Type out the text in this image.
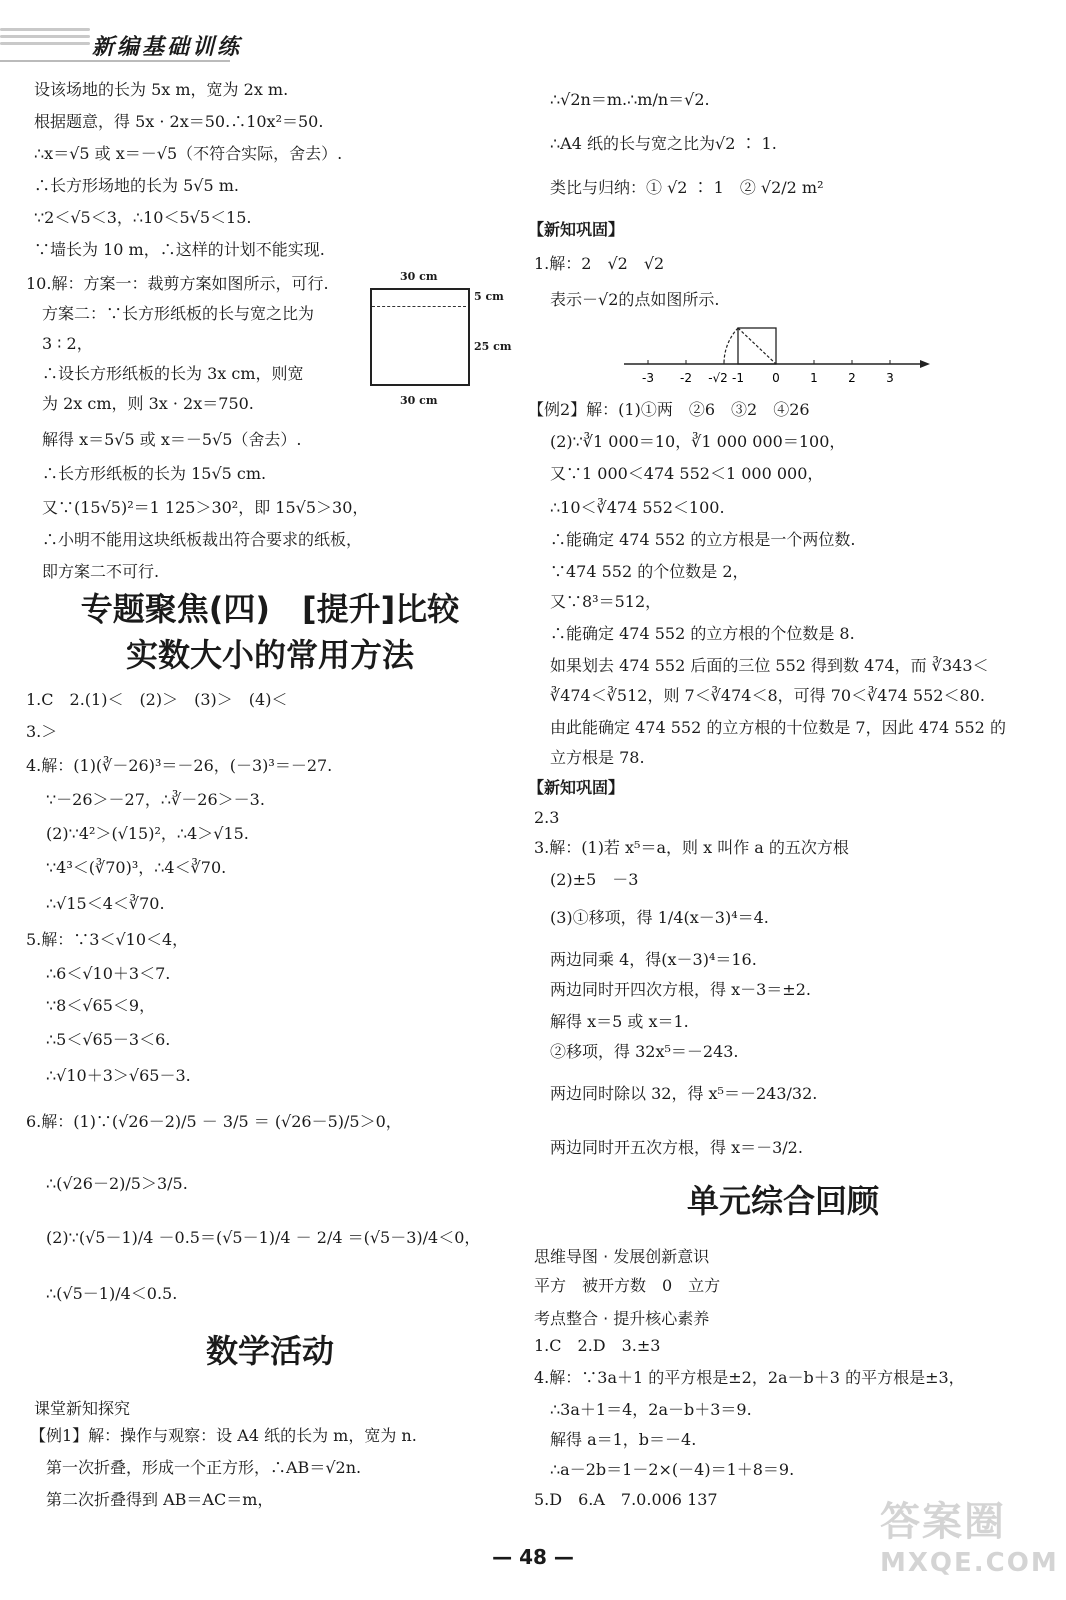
新编基础训练
设该场地的长为 5x m，宽为 2x m.
根据题意，得 5x · 2x＝50.∴10x²＝50.
∴x＝√5 或 x＝－√5（不符合实际，舍去）.
∴长方形场地的长为 5√5 m.
∵2＜√5＜3，∴10＜5√5＜15.
∵墙长为 10 m，∴这样的计划不能实现.
10.解：方案一：裁剪方案如图所示，可行.
方案二：∵长方形纸板的长与宽之比为
3 ∶ 2，
∴设长方形纸板的长为 3x cm，则宽
为 2x cm，则 3x · 2x＝750.
解得 x＝5√5 或 x＝－5√5（舍去）.
∴长方形纸板的长为 15√5 cm.
又∵(15√5)²＝1 125＞30²，即 15√5＞30，
∴小明不能用这块纸板裁出符合要求的纸板，
即方案二不可行.
30 cm
5 cm
25 cm
30 cm
专题聚焦(四)　[提升]比较
实数大小的常用方法
1.C　2.(1)＜　(2)＞　(3)＞　(4)＜
3.＞
4.解：(1)(∛－26)³＝－26，(－3)³＝－27.
∵－26＞－27，∴∛－26＞－3.
(2)∵4²＞(√15)²，∴4＞√15.
∵4³＜(∛70)³，∴4＜∛70.
∴√15＜4＜∛70.
5.解：∵3＜√10＜4，
∴6＜√10＋3＜7.
∵8＜√65＜9，
∴5＜√65－3＜6.
∴√10＋3＞√65－3.
6.解：(1)∵(√26－2)/5 － 3/5 ＝ (√26－5)/5＞0，
∴(√26－2)/5＞3/5.
(2)∵(√5－1)/4 －0.5＝(√5－1)/4 － 2/4 ＝(√5－3)/4＜0，
∴(√5－1)/4＜0.5.
数学活动
课堂新知探究
【例1】解：操作与观察：设 A4 纸的长为 m，宽为 n.
第一次折叠，形成一个正方形，∴AB＝√2n.
第二次折叠得到 AB＝AC＝m，
∴√2n＝m.∴m/n＝√2.
∴A4 纸的长与宽之比为√2 ∶ 1.
类比与归纳：① √2 ∶ 1　② √2/2 m²
【新知巩固】
1.解：2　√2　√2
表示－√2的点如图所示.
-3 -2 -√2 -1 0	1	2	3
【例2】解：(1)①两　②6　③2　④26
(2)∵∛1 000＝10，∛1 000 000＝100，
又∵1 000＜474 552＜1 000 000，
∴10＜∛474 552＜100.
∴能确定 474 552 的立方根是一个两位数.
∵474 552 的个位数是 2，
又∵8³＝512，
∴能确定 474 552 的立方根的个位数是 8.
如果划去 474 552 后面的三位 552 得到数 474，而 ∛343＜
∛474＜∛512，则 7＜∛474＜8，可得 70＜∛474 552＜80.
由此能确定 474 552 的立方根的十位数是 7，因此 474 552 的
立方根是 78.
【新知巩固】
2.3
3.解：(1)若 x⁵＝a，则 x 叫作 a 的五次方根
(2)±5　－3
(3)①移项，得 1/4(x－3)⁴＝4.
两边同乘 4，得(x－3)⁴＝16.
两边同时开四次方根，得 x－3＝±2.
解得 x＝5 或 x＝1.
②移项，得 32x⁵＝－243.
两边同时除以 32，得 x⁵＝－243/32.
两边同时开五次方根，得 x＝－3/2.
单元综合回顾
思维导图 · 发展创新意识
平方　被开方数　0　立方
考点整合 · 提升核心素养
1.C　2.D　3.±3
4.解：∵3a＋1 的平方根是±2，2a－b＋3 的平方根是±3，
∴3a＋1＝4，2a－b＋3＝9.
解得 a＝1，b＝－4.
∴a－2b＝1－2×(－4)＝1＋8＝9.
5.D　6.A　7.0.006 137
— 48 —
答案圈
MXQE.COM
